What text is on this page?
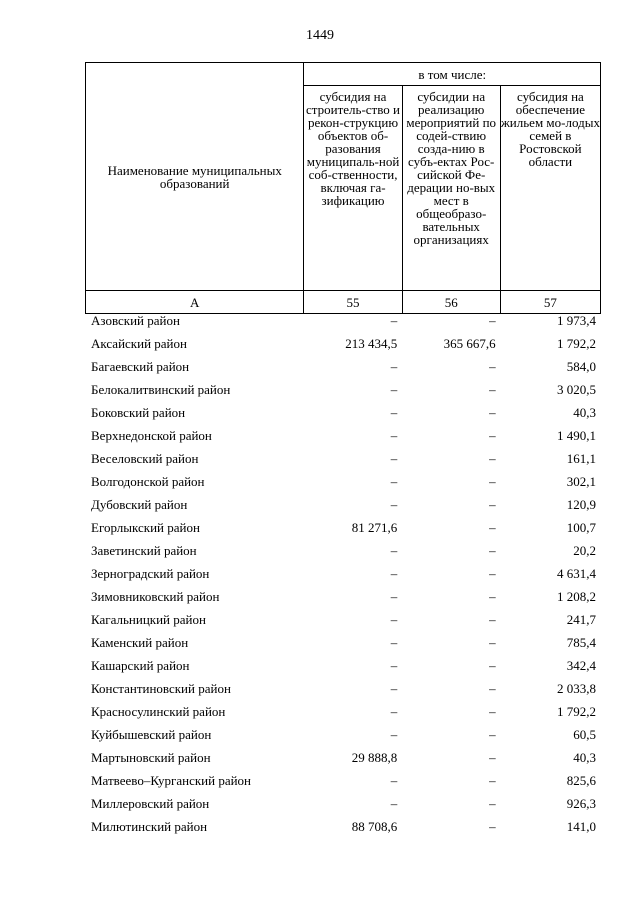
1449
Наименование муниципальных образований	в том числе:		
	субсидия на строитель-ство и рекон-струкцию объектов об-разования муниципаль-ной соб-ственности, включая га-зификацию	субсидии на реализацию мероприятий по содей-ствию созда-нию в субъ-ектах Рос-сийской Фе-дерации но-вых мест в общеобразо-вательных организациях	субсидия на обеспечение жильем мо-лодых семей в Ростовской области
А	55	56	57
Азовский район	–	–	1 973,4
Аксайский район	213 434,5	365 667,6	1 792,2
Багаевский район	–	–	584,0
Белокалитвинский район	–	–	3 020,5
Боковский район	–	–	40,3
Верхнедонской район	–	–	1 490,1
Веселовский район	–	–	161,1
Волгодонской район	–	–	302,1
Дубовский район	–	–	120,9
Егорлыкский район	81 271,6	–	100,7
Заветинский район	–	–	20,2
Зерноградский район	–	–	4 631,4
Зимовниковский район	–	–	1 208,2
Кагальницкий район	–	–	241,7
Каменский район	–	–	785,4
Кашарский район	–	–	342,4
Константиновский район	–	–	2 033,8
Красносулинский район	–	–	1 792,2
Куйбышевский район	–	–	60,5
Мартыновский район	29 888,8	–	40,3
Матвеево–Курганский район	–	–	825,6
Миллеровский район	–	–	926,3
Милютинский район	88 708,6	–	141,0
